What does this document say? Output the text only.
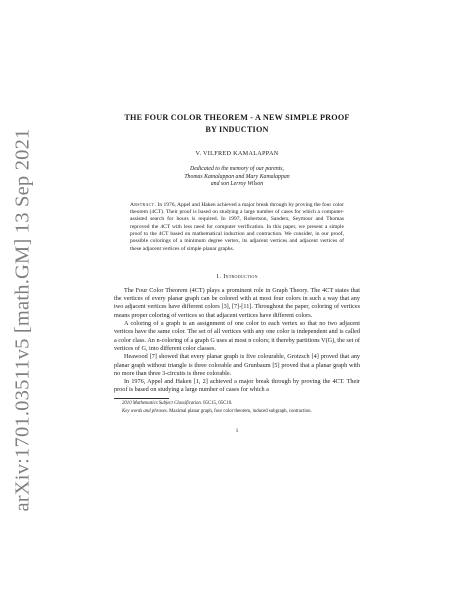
arXiv:1701.03511v5 [math.GM] 13 Sep 2021

THE FOUR COLOR THEOREM - A NEW SIMPLE PROOF
BY INDUCTION

V. VILFRED KAMALAPPAN
Dedicated to the memory of our parents,
Thomas Kamalappan and Mary Kamalappan
and son Lerroy Wilson
Abstract. In 1976, Appel and Haken achieved a major break through by proving the four color theorem (4CT). Their proof is based on studying a large number of cases for which a computer-assisted search for hours is required. In 1997, Robertson, Sanders, Seymour and Thomas reproved the 4CT with less need for computer verification. In this paper, we present a simple proof to the 4CT based on mathematical induction and contraction. We consider, in our proof, possible colorings of a minimum degree vertex, its adjacent vertices and adjacent vertices of these adjacent vertices of simple planar graphs.
1. Introduction

The Four Color Theorem (4CT) plays a prominent role in Graph Theory. The 4CT states that the vertices of every planar graph can be colored with at most four colors in such a way that any two adjacent vertices have different colors [3], [7]-[11]. Throughout the paper, coloring of vertices means proper coloring of vertices so that adjacent vertices have different colors.

A coloring of a graph is an assignment of one color to each vertex so that no two adjacent vertices have the same color. The set of all vertices with any one color is independent and is called a color class. An n-coloring of a graph G uses at most n colors; it thereby partitions V(G), the set of vertices of G, into different color classes.

Heawood [7] showed that every planar graph is five colourable, Grotzsch [4] proved that any planar graph without triangle is three colorable and Grunbaum [5] proved that a planar graph with no more than three 3-circuits is three colorable.

In 1976, Appel and Haken [1, 2] achieved a major break through by proving the 4CT. Their proof is based on studying a large number of cases for which a

2010 Mathematics Subject Classification. 05C15, 05C10.
Key words and phrases. Maximal planar graph, four color theorem, induced subgraph, contraction.
1
